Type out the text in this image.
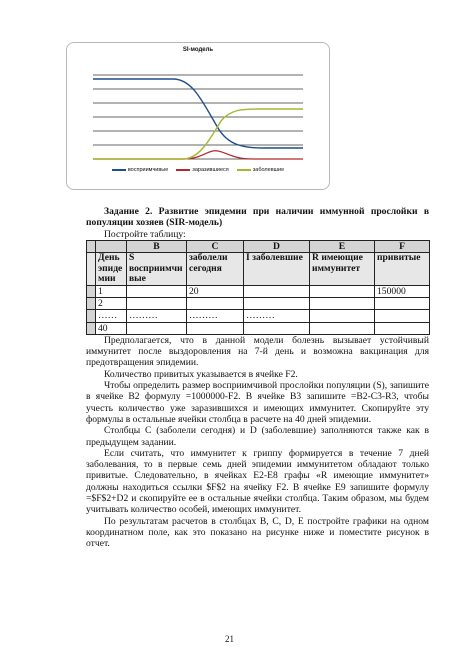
SI-модель
восприимчивые	заразившиеся	заболевшие

Задание 2. Развитие эпидемии при наличии иммунной прослойки в популяции хозяев (SIR-модель)

Постройте таблицу:

		B	C	D	E	F
	День эпиде мии	S восприимчи вые	заболели сегодня	I заболевшие	R имеющие иммунитет	привитые
	1		20			150000
	2					
	……	………	………	………		
	40					

Предполагается, что в данной модели болезнь вызывает устойчивый иммунитет после выздоровления на 7-й день и возможна вакцинация для предотвращения эпидемии.

Количество привитых указывается в ячейке F2.

Чтобы определить размер восприимчивой прослойки популяции (S), запишите в ячейке B2 формулу =1000000-F2. В ячейке B3 запишите =B2-C3-R3, чтобы учесть количество уже заразившихся и имеющих иммунитет. Скопируйте эту формулы в остальные ячейки столбца в расчете на 40 дней эпидемии.

Столбцы C (заболели сегодня) и D (заболевшие) заполняются также как в предыдущем задании.

Если считать, что иммунитет к гриппу формируется в течение 7 дней заболевания, то в первые семь дней эпидемии иммунитетом обладают только привитые. Следовательно, в ячейках E2-E8 графы «R имеющие иммунитет» должны находиться ссылки $F$2 на ячейку F2. В ячейке E9 запишите формулу =$F$2+D2 и скопируйте ее в остальные ячейки столбца. Таким образом, мы будем учитывать количество особей, имеющих иммунитет.

По результатам расчетов в столбцах B, C, D, E постройте графики на одном координатном поле, как это показано на рисунке ниже и поместите рисунок в отчет.

21
